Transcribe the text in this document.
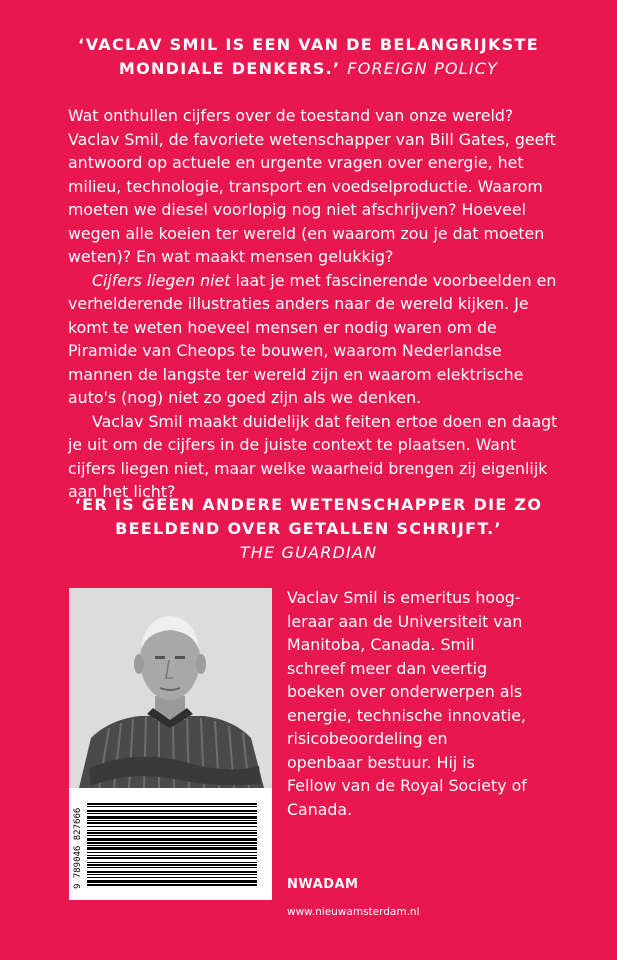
‘VACLAV SMIL IS EEN VAN DE BELANGRIJKSTE
MONDIALE DENKERS.’ FOREIGN POLICY

Wat onthullen cijfers over de toestand van onze wereld? Vaclav Smil, de favoriete wetenschapper van Bill Gates, geeft antwoord op actuele en urgente vragen over energie, het milieu, technologie, transport en voedselproductie. Waarom moeten we diesel voorlopig nog niet afschrijven? Hoeveel wegen alle koeien ter wereld (en waarom zou je dat moeten weten)? En wat maakt mensen gelukkig?

Cijfers liegen niet laat je met fascinerende voorbeelden en verhelderende illustraties anders naar de wereld kijken. Je komt te weten hoeveel mensen er nodig waren om de Piramide van Cheops te bouwen, waarom Nederlandse mannen de langste ter wereld zijn en waarom elektrische auto's (nog) niet zo goed zijn als we denken.

Vaclav Smil maakt duidelijk dat feiten ertoe doen en daagt je uit om de cijfers in de juiste context te plaatsen. Want cijfers liegen niet, maar welke waarheid brengen zij eigenlijk aan het licht?

‘ER IS GEEN ANDERE WETENSCHAPPER DIE ZO
BEELDEND OVER GETALLEN SCHRIJFT.’
THE GUARDIAN
9 789046 827666
Vaclav Smil is emeritus hoog-leraar aan de Universiteit van Manitoba, Canada. Smil schreef meer dan veertig boeken over onderwerpen als energie, technische innovatie, risicobeoordeling en openbaar bestuur. Hij is Fellow van de Royal Society of Canada.
NWADAM
www.nieuwamsterdam.nl
